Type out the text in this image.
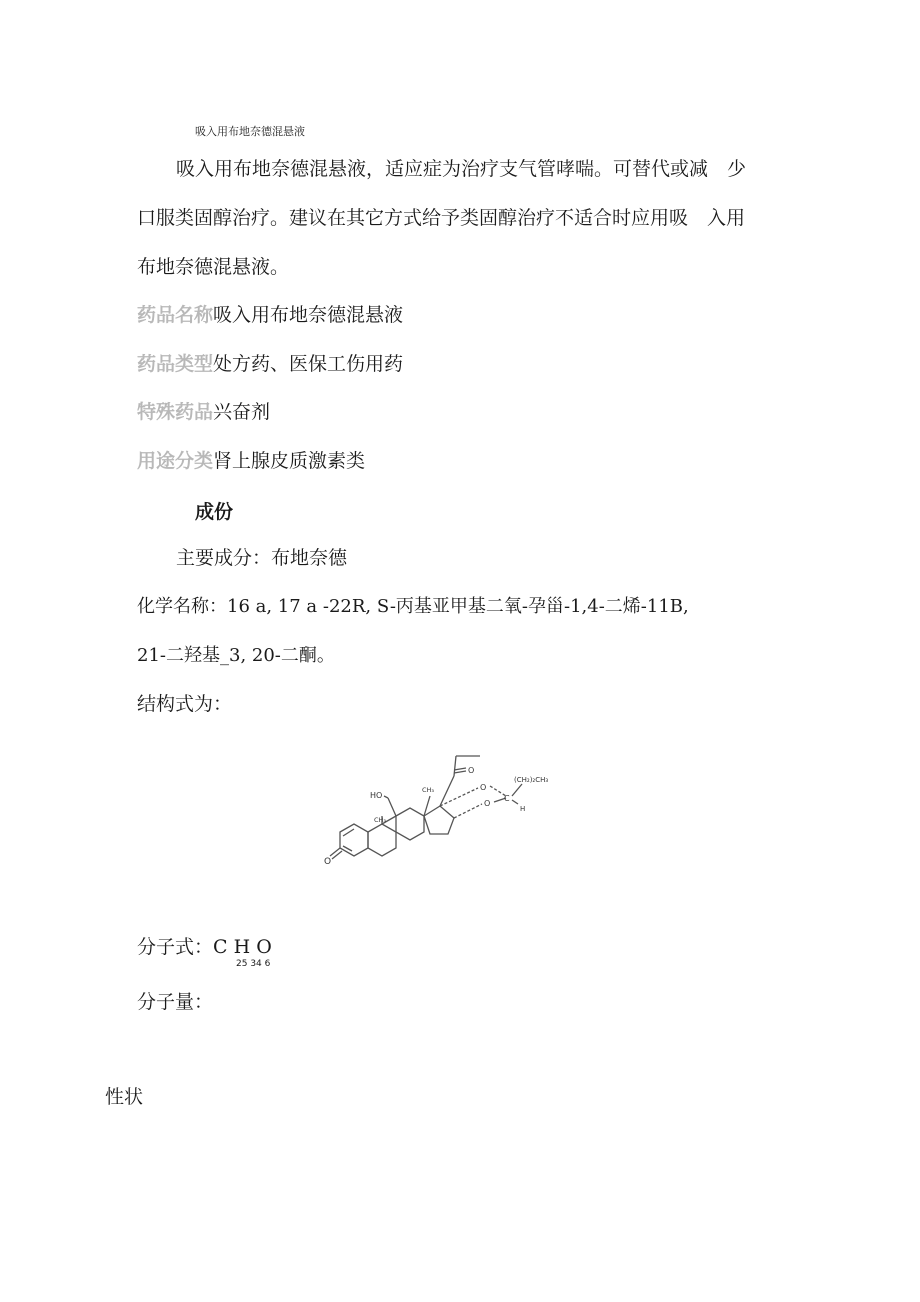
吸入用布地奈德混悬液
吸入用布地奈德混悬液，适应症为治疗支气管哮喘。可替代或减　少
口服类固醇治疗。建议在其它方式给予类固醇治疗不适合时应用吸　入用
布地奈德混悬液。
药品名称吸入用布地奈德混悬液
药品类型处方药、医保工伤用药
特殊药品兴奋剂
用途分类肾上腺皮质激素类
成份
主要成分：布地奈德
化学名称：16 a, 17 a -22R, S-丙基亚甲基二氧-孕甾-1,4-二烯-11B,
21-二羟基_3, 20-二酮。
结构式为：
O
HO
CH₃
CH₃
O
O
O
C
H
(CH₂)₂CH₃
分子式：C H O
25 34 6
分子量：
性状
